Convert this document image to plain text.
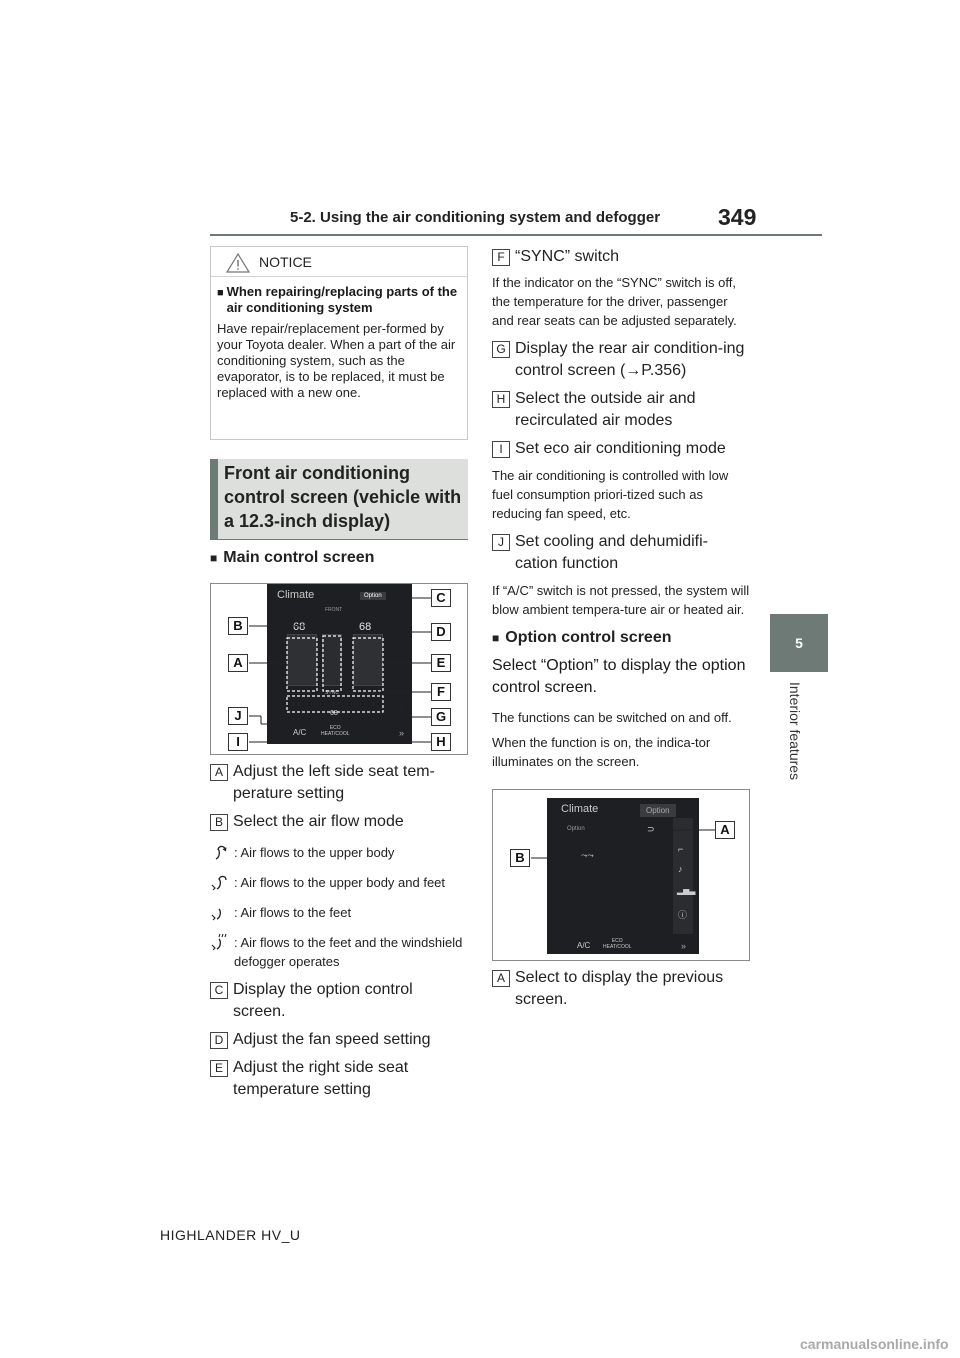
5-2. Using the air conditioning system and defogger	349
5
Interior features
NOTICE
■ When repairing/replacing parts of the air conditioning system
Have repair/replacement per-formed by your Toyota dealer. When a part of the air conditioning system, such as the evaporator, is to be replaced, it must be replaced with a new one.
Front air conditioning control screen (vehicle with a 12.3-inch display)
■ Main control screen
Climate	Option
FRONT
68	68
SYNC
68
A/C	ECO
HEAT/COOL	»
B
A
J
I
C
D
E
F
G
H
A Adjust the left side seat tem-perature setting
B Select the air flow mode
: Air flows to the upper body
: Air flows to the upper body and feet
: Air flows to the feet
: Air flows to the feet and the windshield defogger operates
C Display the option control screen.
D Adjust the fan speed setting
E Adjust the right side seat temperature setting
F “SYNC” switch
If the indicator on the “SYNC” switch is off, the temperature for the driver, passenger and rear seats can be adjusted separately.
G Display the rear air condition-ing control screen (→P.356)
H Select the outside air and recirculated air modes
I Set eco air conditioning mode
The air conditioning is controlled with low fuel consumption priori-tized such as reducing fan speed, etc.
J Set cooling and dehumidifi-cation function
If “A/C” switch is not pressed, the system will blow ambient tempera-ture air or heated air.
■ Option control screen
Select “Option” to display the option control screen.
The functions can be switched on and off.
When the function is on, the indica-tor illuminates on the screen.
Climate	Option
Option	⊃
⤳⤳
⌐
♪
▂▅▃
ⓘ
A/C	ECO
HEAT/COOL	»
A
B
A Select to display the previous screen.
HIGHLANDER HV_U
carmanualsonline.info
